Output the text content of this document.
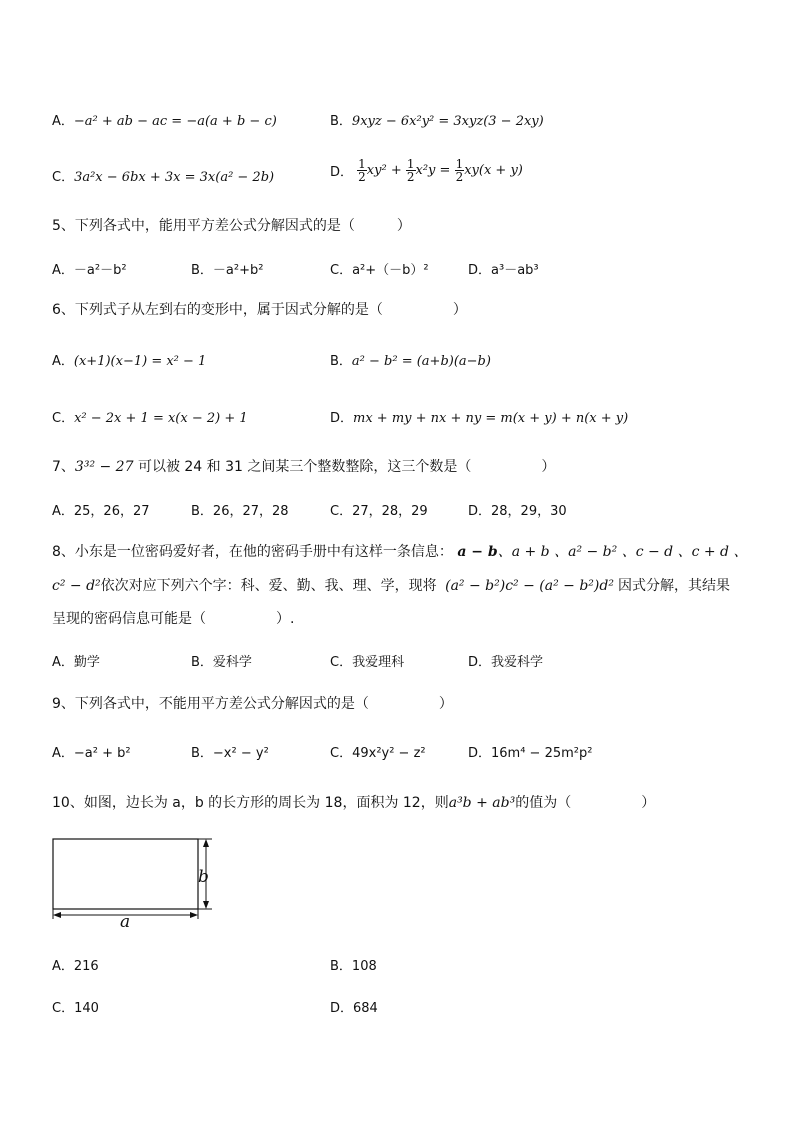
A．−a² + ab − ac = −a(a + b − c)	B．9xyz − 6x²y² = 3xyz(3 − 2xy)
C．3a²x − 6bx + 3x = 3x(a² − 2b)	D． $\frac{1}{2} xy^2 + \frac{1}{2} x^2y = \frac{1}{2} xy(x + y)$
5、下列各式中，能用平方差公式分解因式的是（　　　）
A．－a²－b²	B．－a²+b²	C．a²+（－b）²	D．a³－ab³
6、下列式子从左到右的变形中，属于因式分解的是（　　　　　）
A．(x+1)(x−1) = x² − 1	B．a² − b² = (a+b)(a−b)
C．x² − 2x + 1 = x(x − 2) + 1	D．mx + my + nx + ny = m(x + y) + n(x + y)
7、3³² − 27 可以被 24 和 31 之间某三个整数整除，这三个数是（　　　　　）
A．25，26，27	B．26，27，28	C．27，28，29	D．28，29，30
8、小东是一位密码爱好者，在他的密码手册中有这样一条信息： a − b、a + b 、a² − b² 、c − d 、c + d 、
c² − d²依次对应下列六个字：科、爱、勤、我、理、学，现将 (a² − b²)c² − (a² − b²)d² 因式分解，其结果
呈现的密码信息可能是（　　　　　）.
A．勤学	B．爱科学	C．我爱理科	D．我爱科学
9、下列各式中，不能用平方差公式分解因式的是（　　　　　）
A．−a² + b²	B．−x² − y²	C．49x²y² − z²	D．16m⁴ − 25m²p²
10、如图，边长为 a，b 的长方形的周长为 18，面积为 12，则a³b + ab³的值为（　　　　　）
b
a
A．216	B．108
C．140	D．684
